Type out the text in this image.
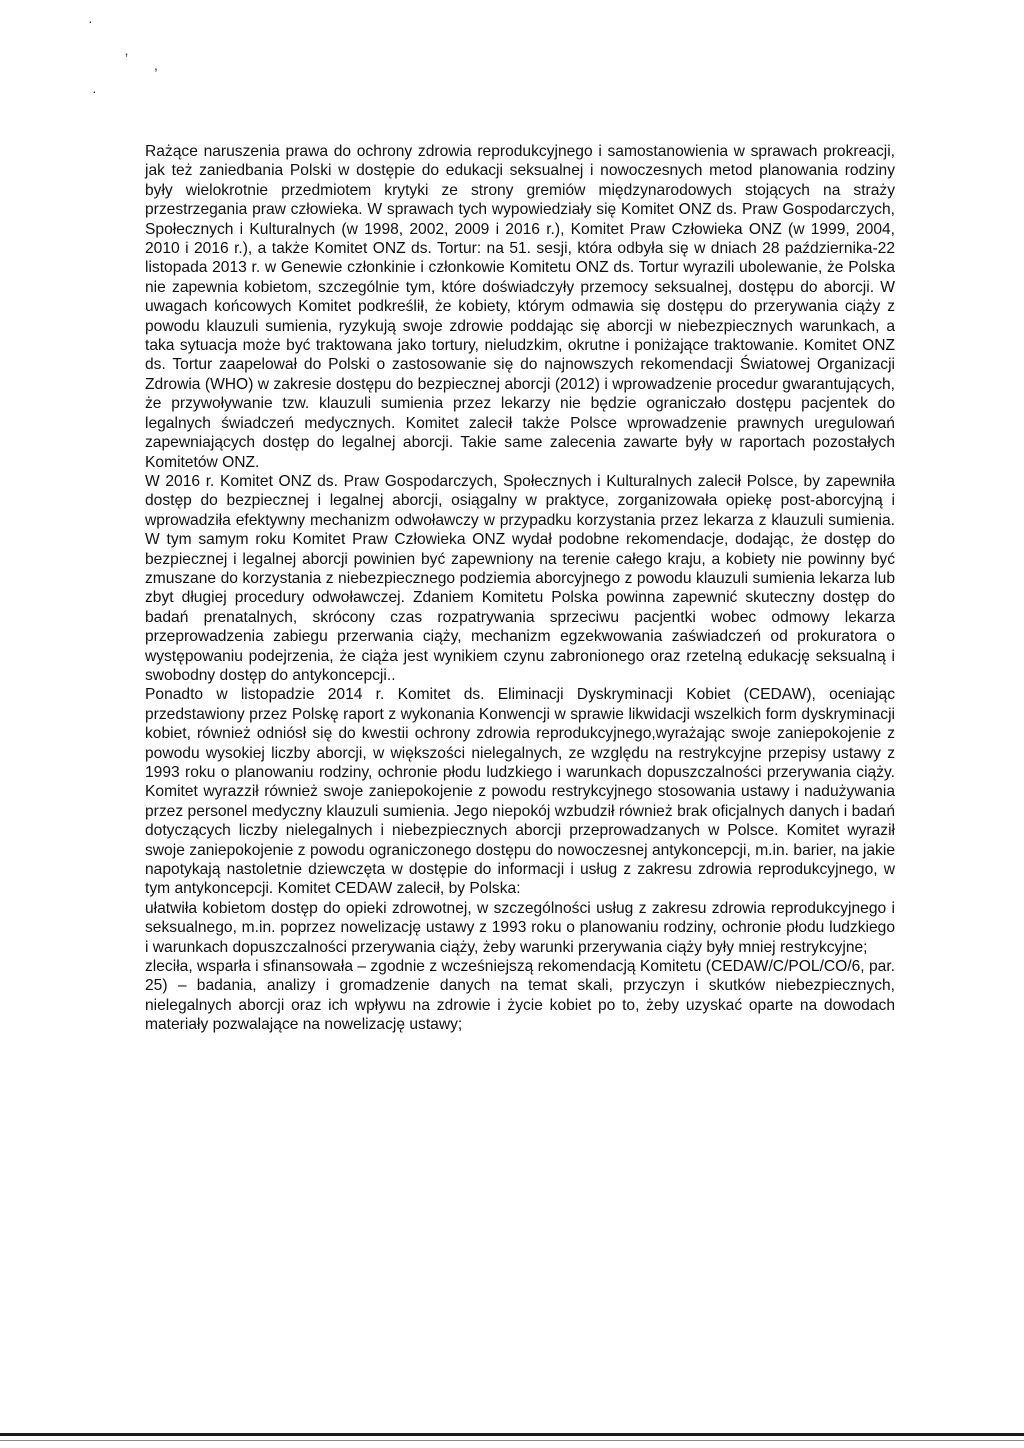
·
ʼ ,
·

Rażące naruszenia prawa do ochrony zdrowia reprodukcyjnego i samostanowienia w sprawach prokreacji, jak też zaniedbania Polski w dostępie do edukacji seksualnej i nowoczesnych metod planowania rodziny były wielokrotnie przedmiotem krytyki ze strony gremiów międzynarodowych stojących na straży przestrzegania praw człowieka. W sprawach tych wypowiedziały się Komitet ONZ ds. Praw Gospodarczych, Społecznych i Kulturalnych (w 1998, 2002, 2009 i 2016 r.), Komitet Praw Człowieka ONZ (w 1999, 2004, 2010 i 2016 r.), a także Komitet ONZ ds. Tortur: na 51. sesji, która odbyła się w dniach 28 października-22 listopada 2013 r. w Genewie członkinie i członkowie Komitetu ONZ ds. Tortur wyrazili ubolewanie, że Polska nie zapewnia kobietom, szczególnie tym, które doświadczyły przemocy seksualnej, dostępu do aborcji. W uwagach końcowych Komitet podkreślił, że kobiety, którym odmawia się dostępu do przerywania ciąży z powodu klauzuli sumienia, ryzykują swoje zdrowie poddając się aborcji w niebezpiecznych warunkach, a taka sytuacja może być traktowana jako tortury, nieludzkim, okrutne i poniżające traktowanie. Komitet ONZ ds. Tortur zaapelował do Polski o zastosowanie się do najnowszych rekomendacji Światowej Organizacji Zdrowia (WHO) w zakresie dostępu do bezpiecznej aborcji (2012) i wprowadzenie procedur gwarantujących, że przywoływanie tzw. klauzuli sumienia przez lekarzy nie będzie ograniczało dostępu pacjentek do legalnych świadczeń medycznych. Komitet zalecił także Polsce wprowadzenie prawnych uregulowań zapewniających dostęp do legalnej aborcji. Takie same zalecenia zawarte były w raportach pozostałych Komitetów ONZ.

W 2016 r. Komitet ONZ ds. Praw Gospodarczych, Społecznych i Kulturalnych zalecił Polsce, by zapewniła dostęp do bezpiecznej i legalnej aborcji, osiągalny w praktyce, zorganizowała opiekę post-aborcyjną i wprowadziła efektywny mechanizm odwoławczy w przypadku korzystania przez lekarza z klauzuli sumienia. W tym samym roku Komitet Praw Człowieka ONZ wydał podobne rekomendacje, dodając, że dostęp do bezpiecznej i legalnej aborcji powinien być zapewniony na terenie całego kraju, a kobiety nie powinny być zmuszane do korzystania z niebezpiecznego podziemia aborcyjnego z powodu klauzuli sumienia lekarza lub zbyt długiej procedury odwoławczej. Zdaniem Komitetu Polska powinna zapewnić skuteczny dostęp do badań prenatalnych, skrócony czas rozpatrywania sprzeciwu pacjentki wobec odmowy lekarza przeprowadzenia zabiegu przerwania ciąży, mechanizm egzekwowania zaświadczeń od prokuratora o występowaniu podejrzenia, że ciąża jest wynikiem czynu zabronionego oraz rzetelną edukację seksualną i swobodny dostęp do antykoncepcji..

Ponadto w listopadzie 2014 r. Komitet ds. Eliminacji Dyskryminacji Kobiet (CEDAW), oceniając przedstawiony przez Polskę raport z wykonania Konwencji w sprawie likwidacji wszelkich form dyskryminacji kobiet, również odniósł się do kwestii ochrony zdrowia reprodukcyjnego,wyrażając swoje zaniepokojenie z powodu wysokiej liczby aborcji, w większości nielegalnych, ze względu na restrykcyjne przepisy ustawy z 1993 roku o planowaniu rodziny, ochronie płodu ludzkiego i warunkach dopuszczalności przerywania ciąży. Komitet wyrazził również swoje zaniepokojenie z powodu restrykcyjnego stosowania ustawy i nadużywania przez personel medyczny klauzuli sumienia. Jego niepokój wzbudził również brak oficjalnych danych i badań dotyczących liczby nielegalnych i niebezpiecznych aborcji przeprowadzanych w Polsce. Komitet wyraził swoje zaniepokojenie z powodu ograniczonego dostępu do nowoczesnej antykoncepcji, m.in. barier, na jakie napotykają nastoletnie dziewczęta w dostępie do informacji i usług z zakresu zdrowia reprodukcyjnego, w tym antykoncepcji. Komitet CEDAW zalecił, by Polska:

ułatwiła kobietom dostęp do opieki zdrowotnej, w szczególności usług z zakresu zdrowia reprodukcyjnego i seksualnego, m.in. poprzez nowelizację ustawy z 1993 roku o planowaniu rodziny, ochronie płodu ludzkiego i warunkach dopuszczalności przerywania ciąży, żeby warunki przerywania ciąży były mniej restrykcyjne;
zleciła, wsparła i sfinansowała – zgodnie z wcześniejszą rekomendacją Komitetu (CEDAW/C/POL/CO/6, par. 25) – badania, analizy i gromadzenie danych na temat skali, przyczyn i skutków niebezpiecznych, nielegalnych aborcji oraz ich wpływu na zdrowie i życie kobiet po to, żeby uzyskać oparte na dowodach materiały pozwalające na nowelizację ustawy;
